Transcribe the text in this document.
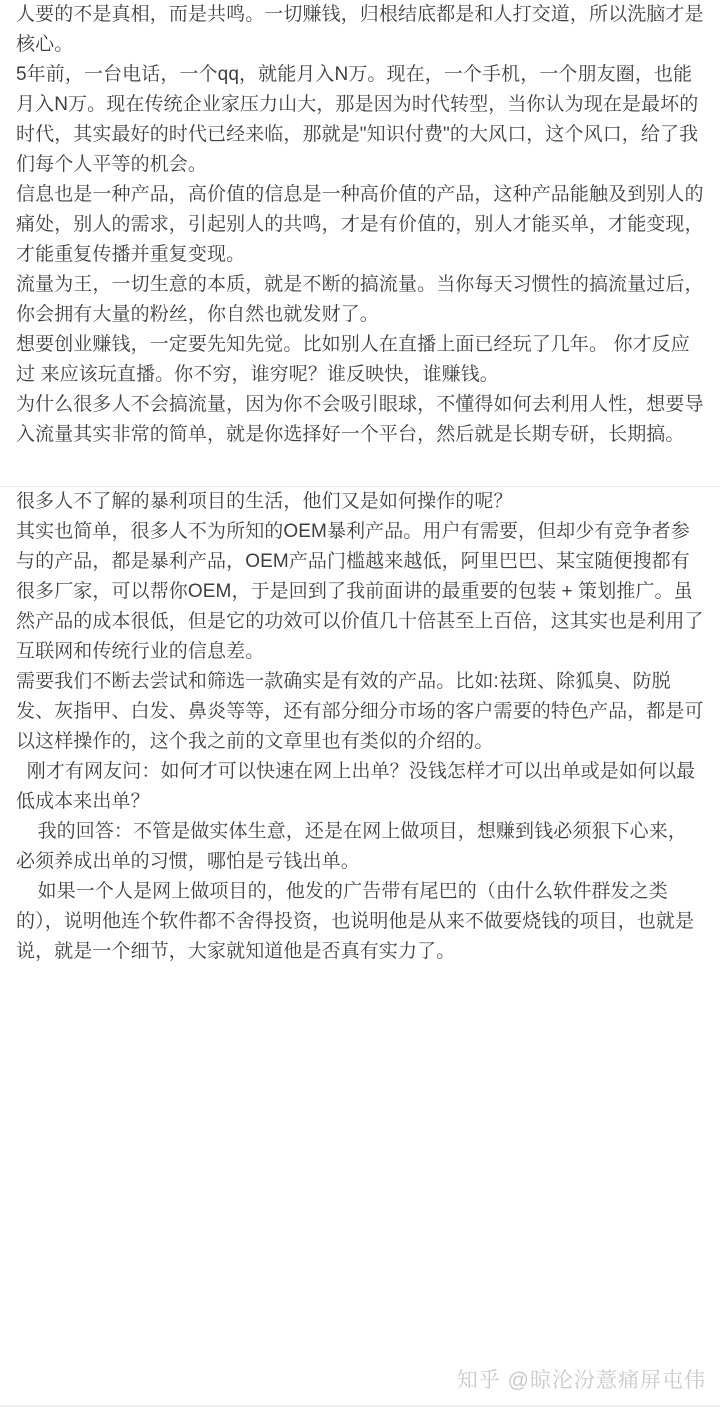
人要的不是真相，而是共鸣。一切赚钱，归根结底都是和人打交道，所以洗脑才是核心。

5年前，一台电话，一个qq，就能月入N万。现在，一个手机，一个朋友圈，也能月入N万。现在传统企业家压力山大，那是因为时代转型，当你认为现在是最坏的时代，其实最好的时代已经来临，那就是"知识付费"的大风口，这个风口，给了我们每个人平等的机会。

信息也是一种产品，高价值的信息是一种高价值的产品，这种产品能触及到别人的痛处，别人的需求，引起别人的共鸣，才是有价值的，别人才能买单，才能变现，才能重复传播并重复变现。

流量为王，一切生意的本质，就是不断的搞流量。当你每天习惯性的搞流量过后，你会拥有大量的粉丝，你自然也就发财了。

想要创业赚钱，一定要先知先觉。比如别人在直播上面已经玩了几年。 你才反应过 来应该玩直播。你不穷，谁穷呢？谁反映快，谁赚钱。

为什么很多人不会搞流量，因为你不会吸引眼球，不懂得如何去利用人性，想要导入流量其实非常的简单，就是你选择好一个平台，然后就是长期专研，长期搞。

很多人不了解的暴利项目的生活，他们又是如何操作的呢？

其实也简单，很多人不为所知的OEM暴利产品。用户有需要，但却少有竞争者参与的产品，都是暴利产品，OEM产品门槛越来越低，阿里巴巴、某宝随便搜都有很多厂家，可以帮你OEM，于是回到了我前面讲的最重要的包装 + 策划推广。虽然产品的成本很低，但是它的功效可以价值几十倍甚至上百倍，这其实也是利用了互联网和传统行业的信息差。

需要我们不断去尝试和筛选一款确实是有效的产品。比如:祛斑、除狐臭、防脱发、灰指甲、白发、鼻炎等等，还有部分细分市场的客户需要的特色产品，都是可以这样操作的，这个我之前的文章里也有类似的介绍的。

刚才有网友问：如何才可以快速在网上出单？没钱怎样才可以出单或是如何以最低成本来出单？

我的回答：不管是做实体生意，还是在网上做项目，想赚到钱必须狠下心来，必须养成出单的习惯，哪怕是亏钱出单。

如果一个人是网上做项目的，他发的广告带有尾巴的（由什么软件群发之类的），说明他连个软件都不舍得投资，也说明他是从来不做要烧钱的项目，也就是说，就是一个细节，大家就知道他是否真有实力了。

知乎 @晾沦汾薏痛屏屯伟
